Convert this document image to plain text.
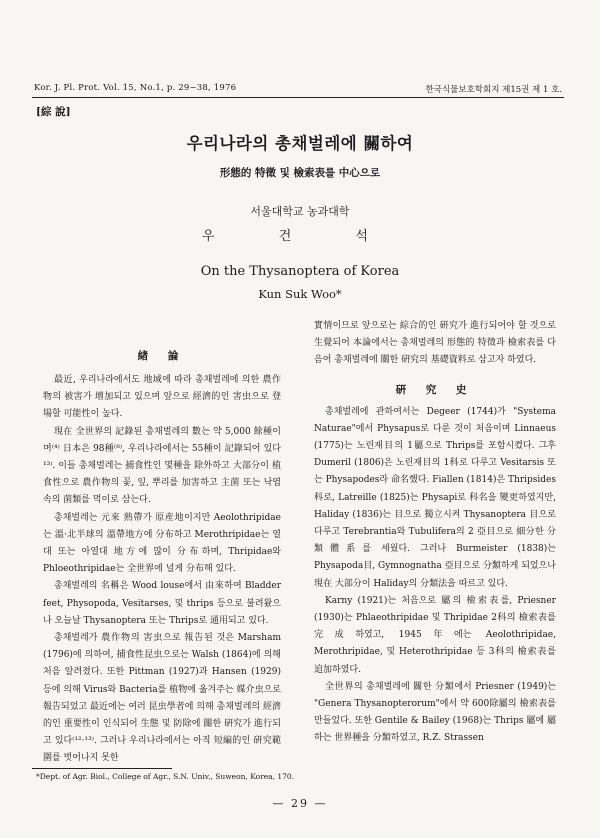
Kor. J. Pl. Prot. Vol. 15, No.1, p. 29~38, 1976	한국식물보호학회지 제15권 제 1 호.
[綜 說]
우리나라의 총채벌레에 關하여
形態的 特徵 및 檢索表를 中心으로
서울대학교 농과대학
우 건 석
On the Thysanoptera of Korea
Kun Suk Woo*
緖 論

最近, 우리나라에서도 地域에 따라 총채벌레에 의한 農作物의 被害가 增加되고 있으며 앞으로 經濟的인 害虫으로 登場할 可能性이 높다.

現在 全世界의 記錄된 총채벌레의 數는 약 5,000 餘種이며⁽⁴⁾ 日本은 98種⁽⁸⁾, 우리나라에서는 55種이 記錄되어 있다¹³⁾. 이들 총채벌레는 捕食性인 몇種을 除外하고 大部分이 植食性으로 農作物의 꽃, 잎, 뿌리를 加害하고 主菌 또는 낙엽속의 菌類를 먹이로 삼는다.

총채벌레는 元來 熱帶가 原産地이지만 Aeolothripidae는 溫·北半球의 溫帶地方에 分布하고 Merothripidae는 열대 또는 아열대 地方에 많이 分布하며, Thripidae와 Phloeothripidae는 全世界에 널게 分布해 있다.

총채벌레의 名稱은 Wood louse에서 由來하여 Bladder feet, Physopoda, Vesitarses, 및 thrips 등으로 불려왔으나 오늘날 Thysanoptera 또는 Thrips로 通用되고 있다.

총채벌레가 農作物의 害虫으로 報告된 것은 Marsham (1796)에 의하여, 捕食性昆虫으로는 Walsh (1864)에 의해 처음 알려졌다. 또한 Pittman (1927)과 Hansen (1929) 등에 의해 Virus와 Bacteria를 植物에 옮겨주는 媒介虫으로 報告되었고 最近에는 여러 昆虫學者에 의해 총채벌레의 經濟的인 重要性이 인식되어 生態 및 防除에 關한 硏究가 進行되고 있다⁽¹²·¹³⁾. 그러나 우리나라에서는 아직 短編的인 硏究範圍를 벗어나지 못한

實情이므로 앞으로는 綜合的인 硏究가 進行되어야 할 것으로 生覺되어 本論에서는 총채벌레의 形態的 特徵과 檢索表를 다음어 총채벌레에 關한 硏究의 基礎資料로 삼고자 하였다.

硏 究 史

총채벌레에 관하여서는 Degeer (1744)가 "Systema Naturae"에서 Physapus로 다룬 것이 처음이며 Linnaeus (1775)는 노린재目의 1屬으로 Thrips를 포함시켰다. 그후 Dumeril (1806)은 노린재目의 1科로 다루고 Vesitarsis 또는 Physapodes라 命名했다. Fiallen (1814)은 Thripsides 科로, Latreille (1825)는 Physapi로 科名을 變更하였지만, Haliday (1836)는 目으로 獨立시켜 Thysanoptera 目으로 다루고 Terebrantia와 Tubulifera의 2 亞目으로 細分한 分類體系를 세웠다. 그러나 Burmeister (1838)는 Physapoda目, Gymnognatha 亞目으로 分類하게 되었으나 現在 大部分이 Haliday의 分類法을 따르고 있다.

Karny (1921)는 처음으로 屬의 檢索表를, Priesner (1930)는 Phlaeothripidae 및 Thripidae 2科의 檢索表를 完成하였고, 1945年에는 Aeolothripidae, Merothripidae, 및 Heterothripidae 등 3科의 檢索表를 追加하였다.

全世界의 총채벌레에 關한 分類에서 Priesner (1949)는 "Genera Thysanopterorum"에서 약 600除屬의 檢索表를 만들었다. 또한 Gentile & Bailey (1968)는 Thrips 屬에 屬하는 世界種을 分類하였고, R.Z. Strassen

*Dept. of Agr. Biol., College of Agr., S.N. Univ., Suweon, Korea, 170.
— 29 —
